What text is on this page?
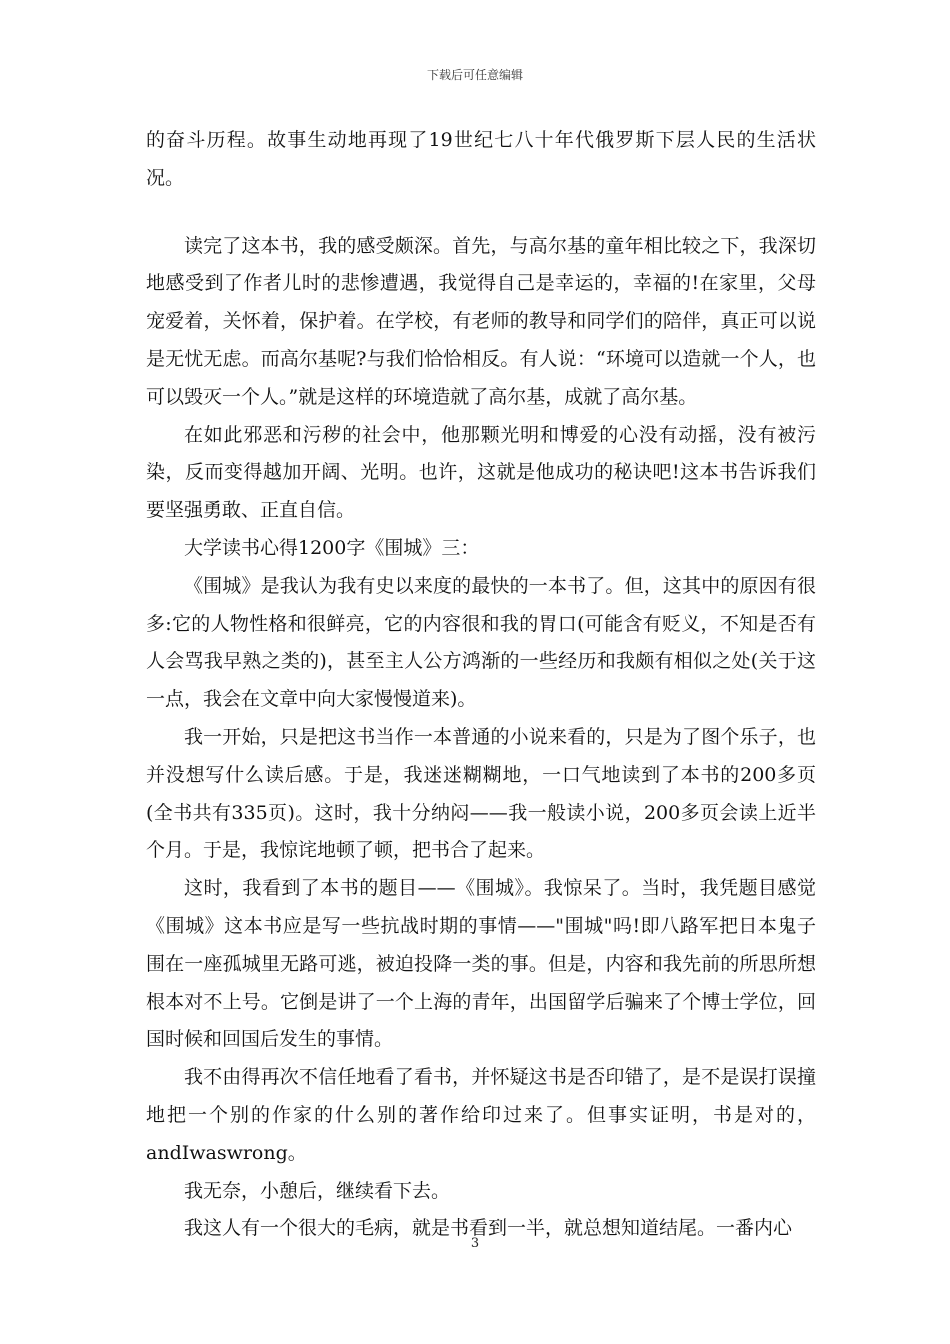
下载后可任意编辑

的奋斗历程。故事生动地再现了19世纪七八十年代俄罗斯下层人民的生活状况。

读完了这本书，我的感受颇深。首先，与高尔基的童年相比较之下，我深切地感受到了作者儿时的悲惨遭遇，我觉得自己是幸运的，幸福的!在家里，父母宠爱着，关怀着，保护着。在学校，有老师的教导和同学们的陪伴，真正可以说是无忧无虑。而高尔基呢?与我们恰恰相反。有人说：“环境可以造就一个人，也可以毁灭一个人。”就是这样的环境造就了高尔基，成就了高尔基。

在如此邪恶和污秽的社会中，他那颗光明和博爱的心没有动摇，没有被污染，反而变得越加开阔、光明。也许，这就是他成功的秘诀吧!这本书告诉我们要坚强勇敢、正直自信。

大学读书心得1200字《围城》三：

《围城》是我认为我有史以来度的最快的一本书了。但，这其中的原因有很多:它的人物性格和很鲜亮，它的内容很和我的胃口(可能含有贬义，不知是否有人会骂我早熟之类的)，甚至主人公方鸿渐的一些经历和我颇有相似之处(关于这一点，我会在文章中向大家慢慢道来)。

我一开始，只是把这书当作一本普通的小说来看的，只是为了图个乐子，也并没想写什么读后感。于是，我迷迷糊糊地，一口气地读到了本书的200多页(全书共有335页)。这时，我十分纳闷——我一般读小说，200多页会读上近半个月。于是，我惊诧地顿了顿，把书合了起来。

这时，我看到了本书的题目——《围城》。我惊呆了。当时，我凭题目感觉《围城》这本书应是写一些抗战时期的事情——"围城"吗!即八路军把日本鬼子围在一座孤城里无路可逃，被迫投降一类的事。但是，内容和我先前的所思所想根本对不上号。它倒是讲了一个上海的青年，出国留学后骗来了个博士学位，回国时候和回国后发生的事情。

我不由得再次不信任地看了看书，并怀疑这书是否印错了，是不是误打误撞地把一个别的作家的什么别的著作给印过来了。但事实证明，书是对的，andIwaswrong。

我无奈，小憩后，继续看下去。

我这人有一个很大的毛病，就是书看到一半，就总想知道结尾。一番内心

3
